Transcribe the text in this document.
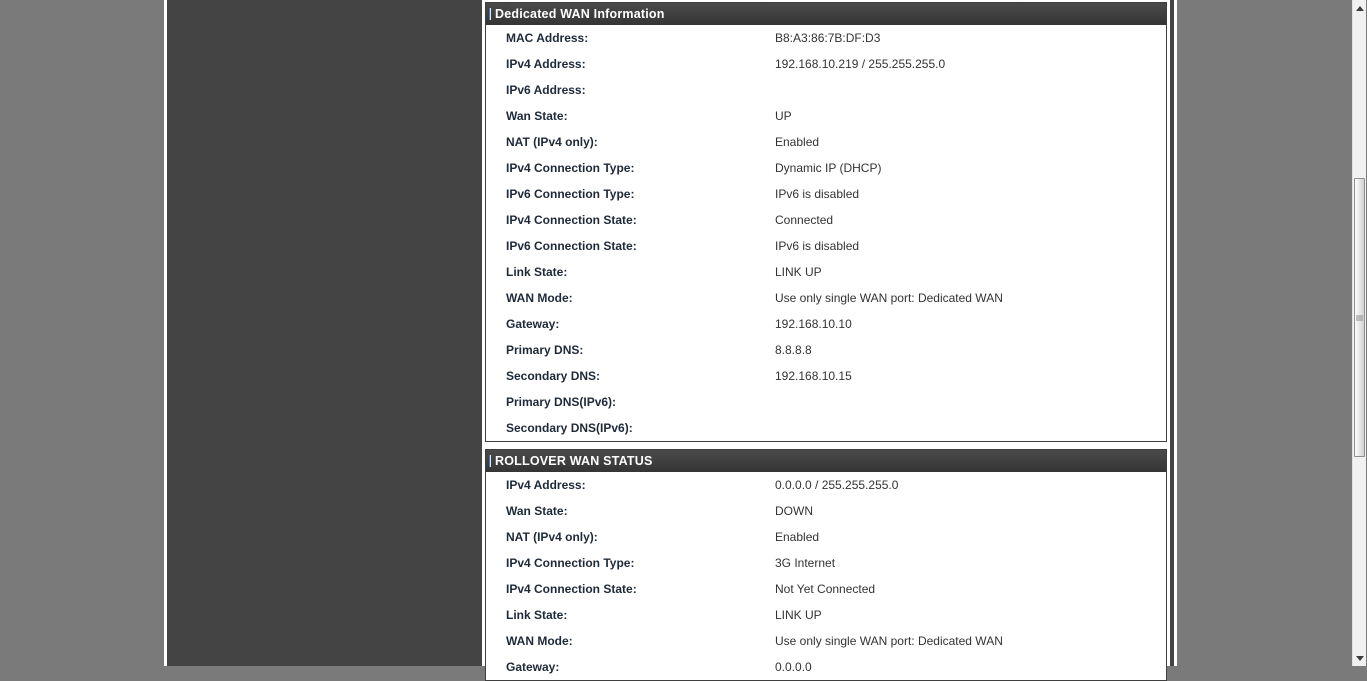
Dedicated WAN Information
MAC Address:	B8:A3:86:7B:DF:D3
IPv4 Address:	192.168.10.219 / 255.255.255.0
IPv6 Address:
Wan State:	UP
NAT (IPv4 only):	Enabled
IPv4 Connection Type:	Dynamic IP (DHCP)
IPv6 Connection Type:	IPv6 is disabled
IPv4 Connection State:	Connected
IPv6 Connection State:	IPv6 is disabled
Link State:	LINK UP
WAN Mode:	Use only single WAN port: Dedicated WAN
Gateway:	192.168.10.10
Primary DNS:	8.8.8.8
Secondary DNS:	192.168.10.15
Primary DNS(IPv6):
Secondary DNS(IPv6):
ROLLOVER WAN STATUS
IPv4 Address:	0.0.0.0 / 255.255.255.0
Wan State:	DOWN
NAT (IPv4 only):	Enabled
IPv4 Connection Type:	3G Internet
IPv4 Connection State:	Not Yet Connected
Link State:	LINK UP
WAN Mode:	Use only single WAN port: Dedicated WAN
Gateway:	0.0.0.0
